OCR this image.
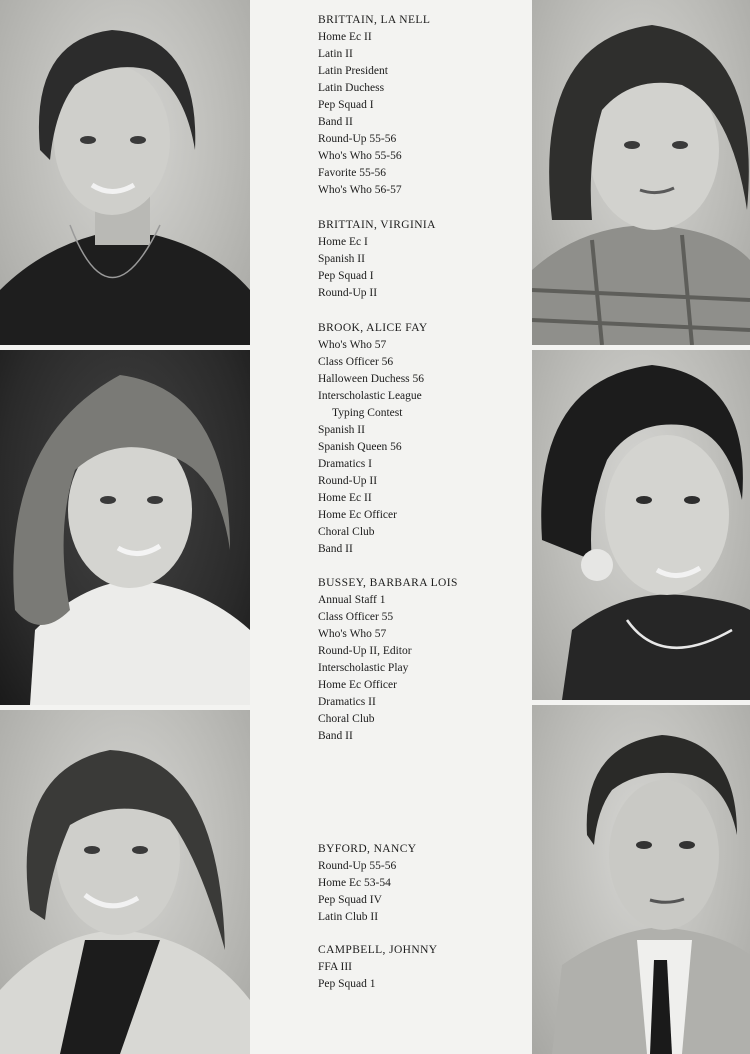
BRITTAIN, LA NELL
Home Ec II
Latin II
Latin President
Latin Duchess
Pep Squad I
Band II
Round-Up 55-56
Who's Who 55-56
Favorite 55-56
Who's Who 56-57
BRITTAIN, VIRGINIA
Home Ec I
Spanish II
Pep Squad I
Round-Up II
BROOK, ALICE FAY
Who's Who 57
Class Officer 56
Halloween Duchess 56
Interscholastic League
Typing Contest
Spanish II
Spanish Queen 56
Dramatics I
Round-Up II
Home Ec II
Home Ec Officer
Choral Club
Band II
BUSSEY, BARBARA LOIS
Annual Staff 1
Class Officer 55
Who's Who 57
Round-Up II, Editor
Interscholastic Play
Home Ec Officer
Dramatics II
Choral Club
Band II
BYFORD, NANCY
Round-Up 55-56
Home Ec 53-54
Pep Squad IV
Latin Club II
CAMPBELL, JOHNNY
FFA III
Pep Squad 1
